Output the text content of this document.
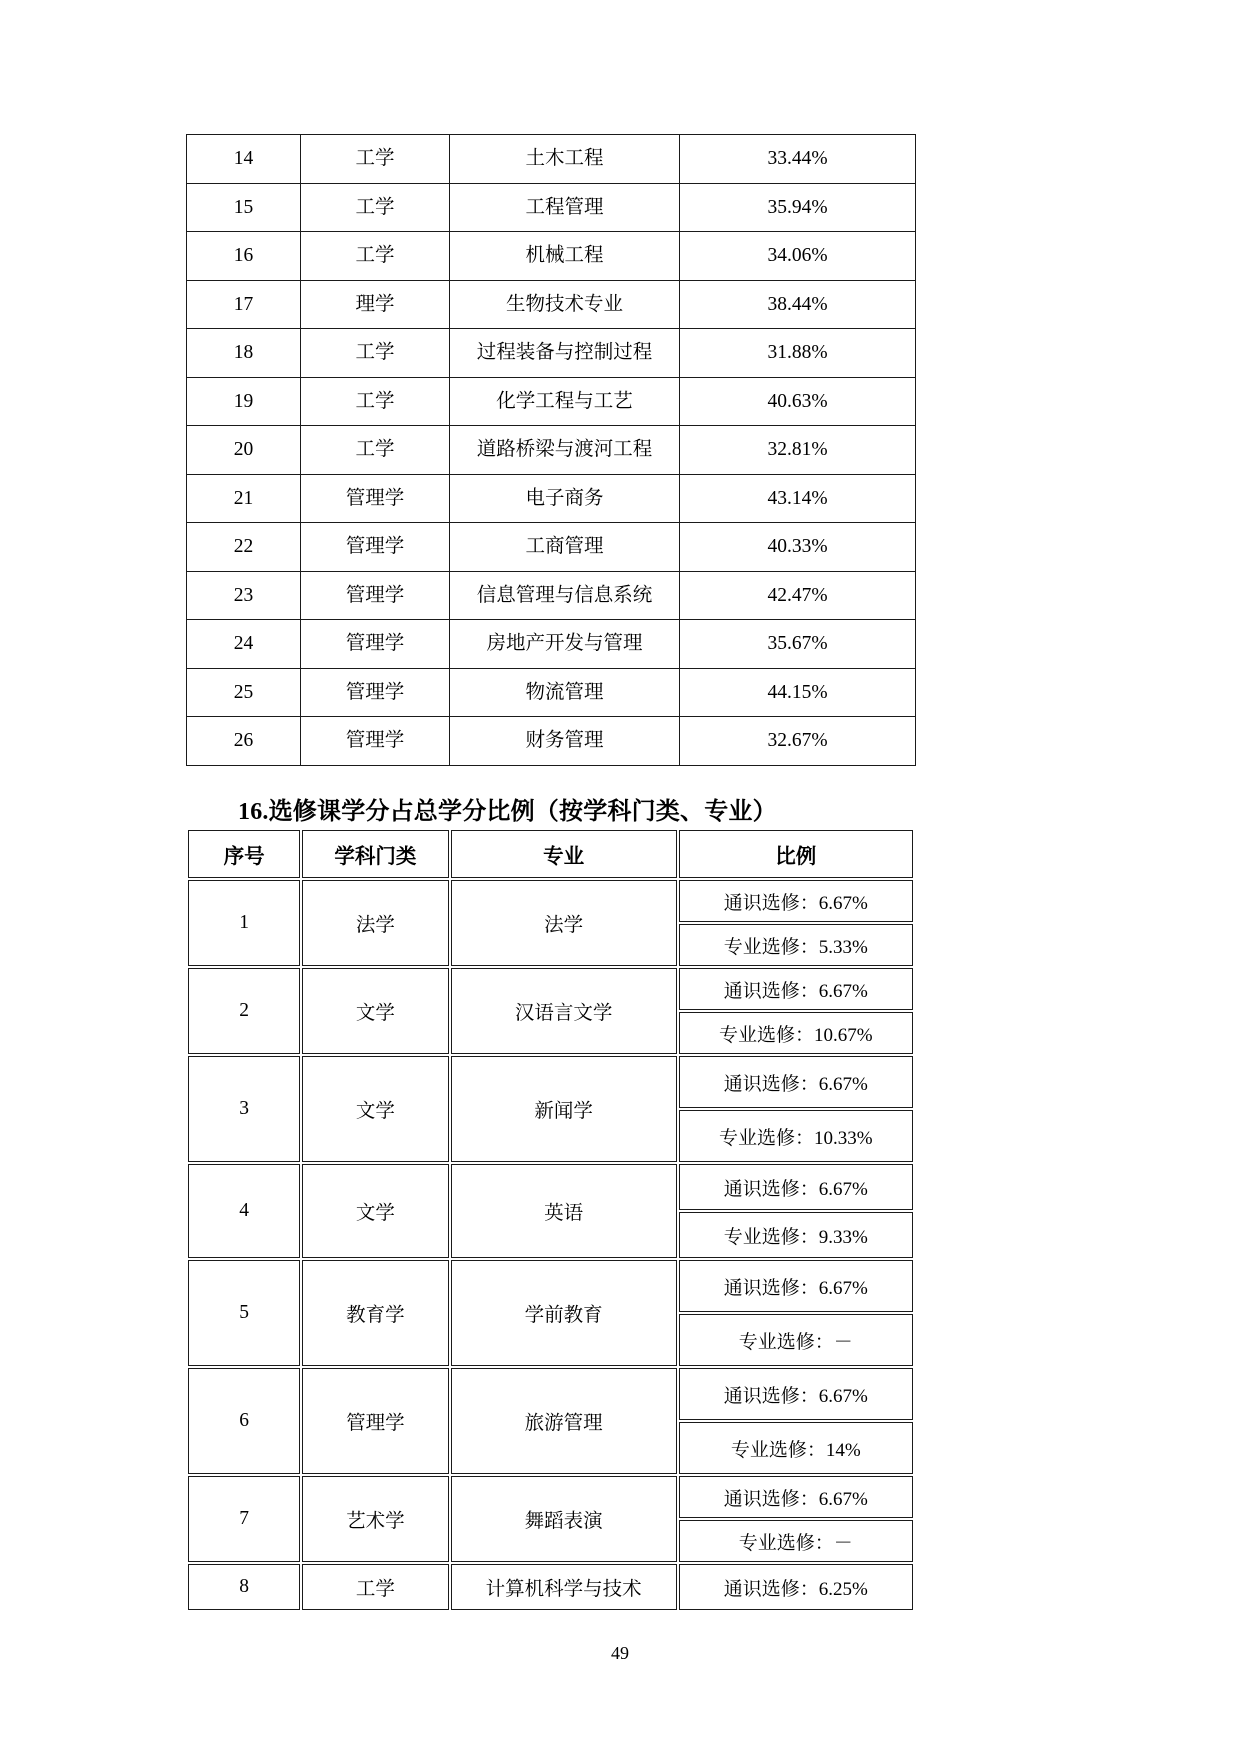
14	工学	土木工程	33.44%
15	工学	工程管理	35.94%
16	工学	机械工程	34.06%
17	理学	生物技术专业	38.44%
18	工学	过程装备与控制过程	31.88%
19	工学	化学工程与工艺	40.63%
20	工学	道路桥梁与渡河工程	32.81%
21	管理学	电子商务	43.14%
22	管理学	工商管理	40.33%
23	管理学	信息管理与信息系统	42.47%
24	管理学	房地产开发与管理	35.67%
25	管理学	物流管理	44.15%
26	管理学	财务管理	32.67%
16.选修课学分占总学分比例（按学科门类、专业）
序号	学科门类	专业	比例
1	法学	法学	通识选修：6.67%
			专业选修：5.33%
2	文学	汉语言文学	通识选修：6.67%
			专业选修：10.67%
3	文学	新闻学	通识选修：6.67%
			专业选修：10.33%
4	文学	英语	通识选修：6.67%
			专业选修：9.33%
5	教育学	学前教育	通识选修：6.67%
			专业选修：－
6	管理学	旅游管理	通识选修：6.67%
			专业选修：14%
7	艺术学	舞蹈表演	通识选修：6.67%
			专业选修：－
8	工学	计算机科学与技术	通识选修：6.25%
49
